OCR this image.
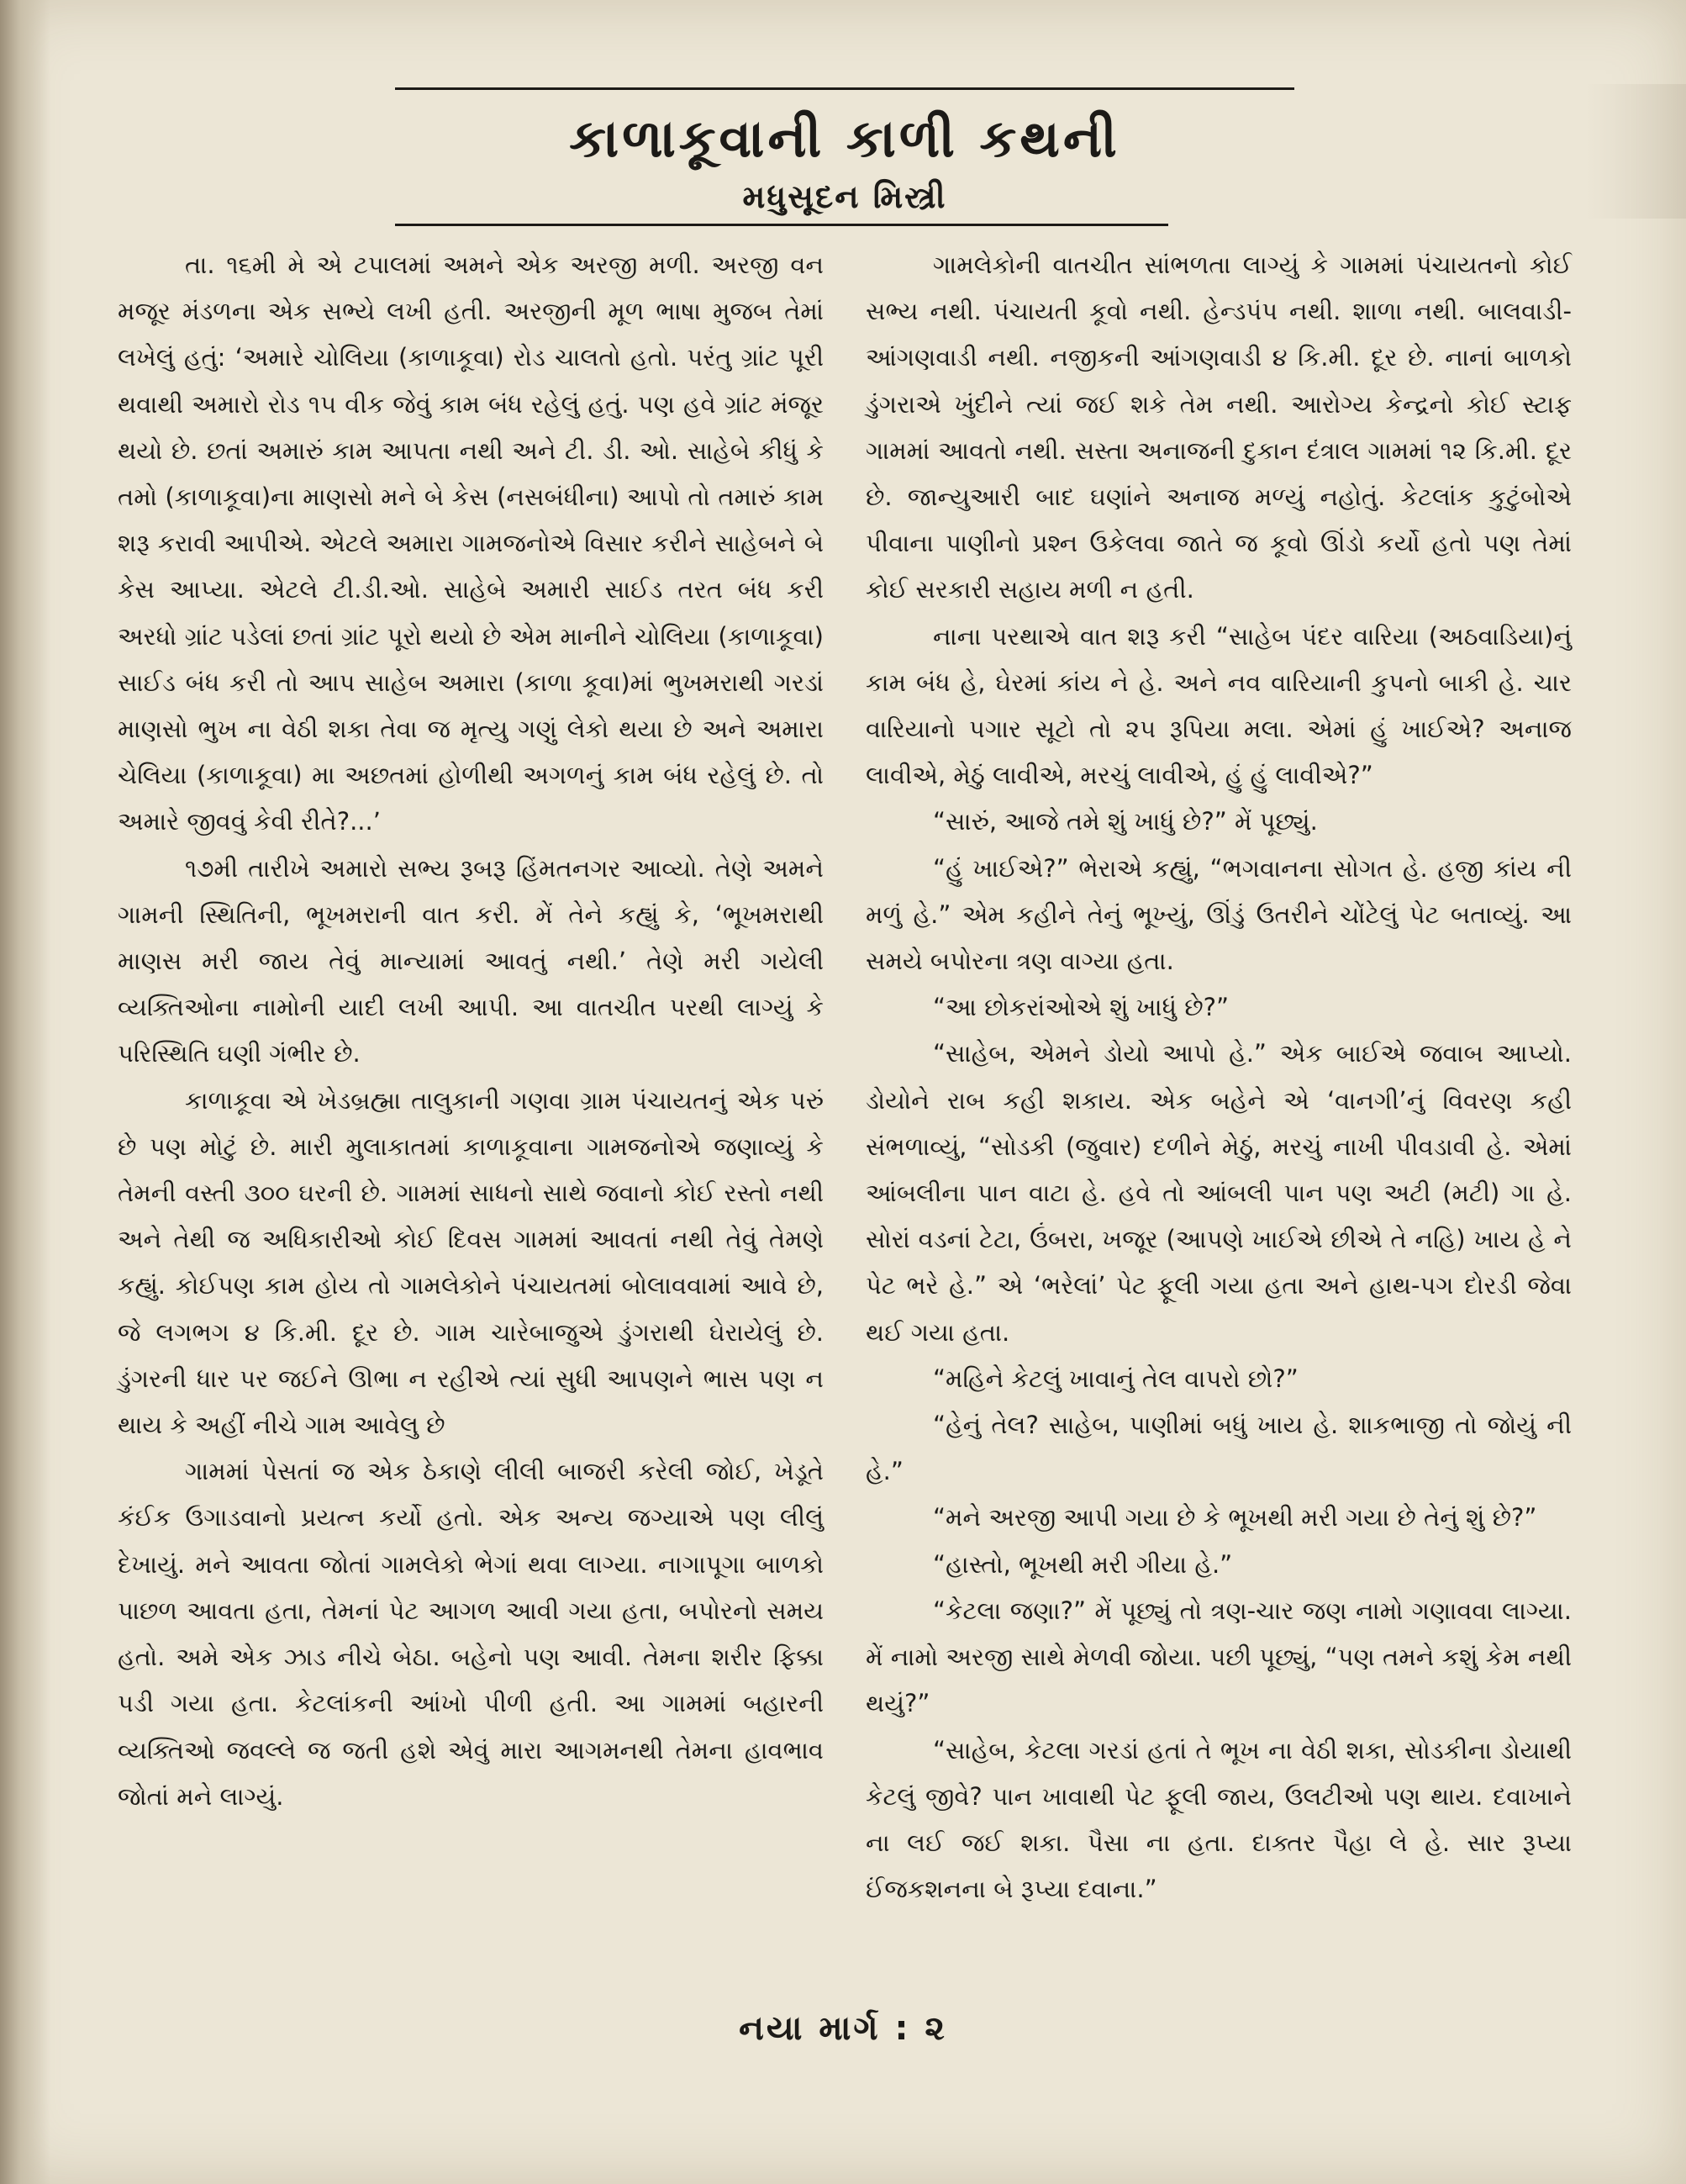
કાળાકૂવાની કાળી કથની
મધુસૂદન મિસ્ત્રી

તા. ૧૬મી મે એ ટપાલમાં અમને એક અરજી મળી. અરજી વન મજૂર મંડળના એક સભ્યે લખી હતી. અરજીની મૂળ ભાષા મુજબ તેમાં લખેલું હતું: ‘અમારે ચોલિયા (કાળાકૂવા) રોડ ચાલતો હતો. પરંતુ ગ્રાંટ પૂરી થવાથી અમારો રોડ ૧૫ વીક જેવું કામ બંધ રહેલું હતું. પણ હવે ગ્રાંટ મંજૂર થયો છે. છતાં અમારું કામ આપતા નથી અને ટી. ડી. ઓ. સાહેબે કીધું કે તમો (કાળાકૂવા)ના માણસો મને બે કેસ (નસબંધીના) આપો તો તમારું કામ શરૂ કરાવી આપીએ. એટલે અમારા ગામજનોએ વિસાર કરીને સાહેબને બે કેસ આપ્યા. એટલે ટી.ડી.ઓ. સાહેબે અમારી સાઈડ તરત બંધ કરી અરધો ગ્રાંટ પડેલાં છતાં ગ્રાંટ પૂરો થયો છે એમ માનીને ચોલિયા (કાળાકૂવા) સાઈડ બંધ કરી તો આપ સાહેબ અમારા (કાળા કૂવા)માં ભુખમરાથી ગરડાં માણસો ભુખ ના વેઠી શકા તેવા જ મૃત્યુ ગણું લેકો થયા છે અને અમારા ચેલિયા (કાળાકૂવા) મા અછતમાં હોળીથી અગળનું કામ બંધ રહેલું છે. તો અમારે જીવવું કેવી રીતે?...’

૧૭મી તારીખે અમારો સભ્ય રૂબરૂ હિંમતનગર આવ્યો. તેણે અમને ગામની સ્થિતિની, ભૂખમરાની વાત કરી. મેં તેને કહ્યું કે, ‘ભૂખમરાથી માણસ મરી જાય તેવું માન્યામાં આવતું નથી.’ તેણે મરી ગયેલી વ્યક્તિઓના નામોની યાદી લખી આપી. આ વાતચીત પરથી લાગ્યું કે પરિસ્થિતિ ઘણી ગંભીર છે.

કાળાકૂવા એ ખેડબ્રહ્મા તાલુકાની ગણવા ગ્રામ પંચાયતનું એક પરું છે પણ મોટું છે. મારી મુલાકાતમાં કાળાકૂવાના ગામજનોએ જણાવ્યું કે તેમની વસ્તી ૩૦૦ ઘરની છે. ગામમાં સાધનો સાથે જવાનો કોઈ રસ્તો નથી અને તેથી જ અધિકારીઓ કોઈ દિવસ ગામમાં આવતાં નથી તેવું તેમણે કહ્યું. કોઈપણ કામ હોય તો ગામલેકોને પંચાયતમાં બોલાવવામાં આવે છે, જે લગભગ ૪ કિ.મી. દૂર છે. ગામ ચારેબાજુએ ડુંગરાથી ઘેરાયેલું છે. ડુંગરની ધાર પર જઈને ઊભા ન રહીએ ત્યાં સુધી આપણને ભાસ પણ ન થાય કે અહીં નીચે ગામ આવેલુ છે

ગામમાં પેસતાં જ એક ઠેકાણે લીલી બાજરી કરેલી જોઈ, ખેડૂતે કંઈક ઉગાડવાનો પ્રયત્ન કર્યો હતો. એક અન્ય જગ્યાએ પણ લીલું દેખાયું. મને આવતા જોતાં ગામલેકો ભેગાં થવા લાગ્યા. નાગાપૂગા બાળકો પાછળ આવતા હતા, તેમનાં પેટ આગળ આવી ગયા હતા, બપોરનો સમય હતો. અમે એક ઝાડ નીચે બેઠા. બહેનો પણ આવી. તેમના શરીર ફિક્કા પડી ગયા હતા. કેટલાંકની આંખો પીળી હતી. આ ગામમાં બહારની વ્યક્તિઓ જવલ્લે જ જતી હશે એવું મારા આગમનથી તેમના હાવભાવ જોતાં મને લાગ્યું.

ગામલેકોની વાતચીત સાંભળતા લાગ્યું કે ગામમાં પંચાયતનો કોઈ સભ્ય નથી. પંચાયતી કૂવો નથી. હેન્ડપંપ નથી. શાળા નથી. બાલવાડી-આંગણવાડી નથી. નજીકની આંગણવાડી ૪ કિ.મી. દૂર છે. નાનાં બાળકો ડુંગરાએ ખુંદીને ત્યાં જઈ શકે તેમ નથી. આરોગ્ય કેન્દ્રનો કોઈ સ્ટાફ ગામમાં આવતો નથી. સસ્તા અનાજની દુકાન દંત્રાલ ગામમાં ૧૨ કિ.મી. દૂર છે. જાન્યુઆરી બાદ ઘણાંને અનાજ મળ્યું નહોતું. કેટલાંક કુટુંબોએ પીવાના પાણીનો પ્રશ્ન ઉકેલવા જાતે જ કૂવો ઊંડો કર્યો હતો પણ તેમાં કોઈ સરકારી સહાય મળી ન હતી.

નાના પરથાએ વાત શરૂ કરી “સાહેબ પંદર વારિયા (અઠવાડિયા)નું કામ બંધ હે, ઘેરમાં કાંય ને હે. અને નવ વારિયાની કુપનો બાકી હે. ચાર વારિયાનો પગાર સૂટો તો ૨૫ રૂપિયા મલા. એમાં હું ખાઈએ? અનાજ લાવીએ, મેઠું લાવીએ, મરચું લાવીએ, હું હું લાવીએ?”

“સારું, આજે તમે શું ખાધું છે?” મેં પૂછ્યું.

“હું ખાઈએ?” ભેરાએ કહ્યું, “ભગવાનના સોગત હે. હજી કાંય ની મળું હે.” એમ કહીને તેનું ભૂખ્યું, ઊંડું ઉતરીને ચોંટેલું પેટ બતાવ્યું. આ સમયે બપોરના ત્રણ વાગ્યા હતા.

“આ છોકરાંઓએ શું ખાધું છે?”

“સાહેબ, એમને ડોયો આપો હે.” એક બાઈએ જવાબ આપ્યો. ડોયોને રાબ કહી શકાય. એક બહેને એ ‘વાનગી’નું વિવરણ કહી સંભળાવ્યું, “સોડકી (જુવાર) દળીને મેઠું, મરચું નાખી પીવડાવી હે. એમાં આંબલીના પાન વાટા હે. હવે તો આંબલી પાન પણ અટી (મટી) ગા હે. સોરાં વડનાં ટેટા, ઉંબરા, ખજૂર (આપણે ખાઈએ છીએ તે નહિ) ખાય હે ને પેટ ભરે હે.” એ ‘ભરેલાં’ પેટ ફૂલી ગયા હતા અને હાથ-પગ દોરડી જેવા થઈ ગયા હતા.

“મહિને કેટલું ખાવાનું તેલ વાપરો છો?”

“હેનું તેલ? સાહેબ, પાણીમાં બધું ખાય હે. શાકભાજી તો જોયું ની હે.”

“મને અરજી આપી ગયા છે કે ભૂખથી મરી ગયા છે તેનું શું છે?”

“હાસ્તો, ભૂખથી મરી ગીયા હે.”

“કેટલા જણા?” મેં પૂછ્યું તો ત્રણ-ચાર જણ નામો ગણાવવા લાગ્યા. મેં નામો અરજી સાથે મેળવી જોયા. પછી પૂછ્યું, “પણ તમને કશું કેમ નથી થયું?”

“સાહેબ, કેટલા ગરડાં હતાં તે ભૂખ ના વેઠી શકા, સોડકીના ડોયાથી કેટલું જીવે? પાન ખાવાથી પેટ ફૂલી જાય, ઉલટીઓ પણ થાય. દવાખાને ના લઈ જઈ શકા. પૈસા ના હતા. દાક્તર પૈહા લે હે. સાર રૂપ્યા ઈંજકશનના બે રૂપ્યા દવાના.”

નયા માર્ગ : ૨
